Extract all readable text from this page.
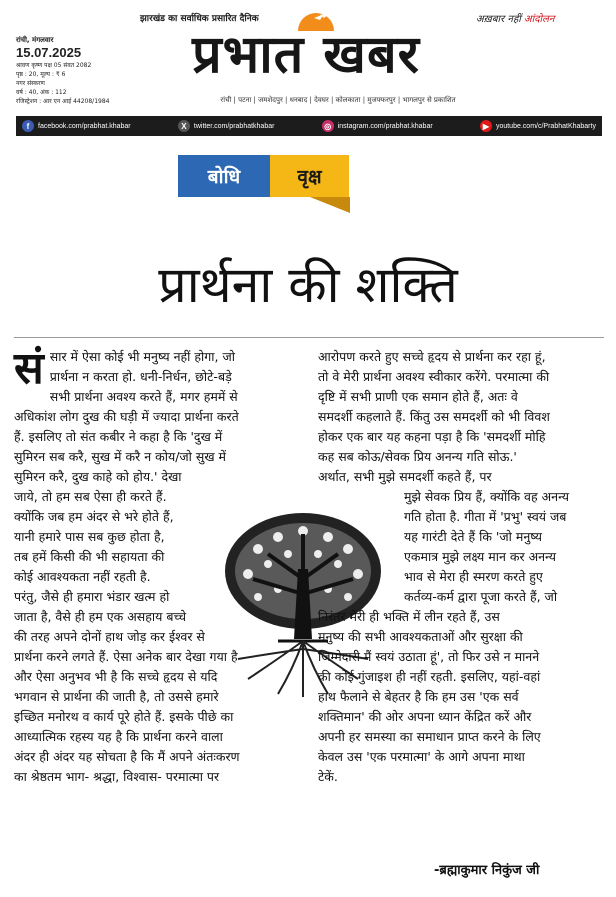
झारखंड का सर्वाधिक प्रसारित दैनिक	अख़बार नहीं आंदोलन
प्रभात खबर
रांची, मंगलवार
15.07.2025
श्रावण कृष्ण पक्ष 05 संवत 2082
पृष्ठ : 20, मूल्य : ₹ 6
नगर संस्करण
वर्ष : 40, अंक : 112
रजिस्ट्रेशन : आर एन आई 44208/1984	रांची | पटना | जमशेदपुर | धनबाद | देवघर | कोलकाता | मुजफ्फरपुर | भागलपुर से प्रकाशित
f	facebook.com/prabhat.khabar	X	twitter.com/prabhatkhabar	◎ instagram.com/prabhat.khabar	▶ youtube.com/c/PrabhatKhabarty
बोधि	वृक्ष
प्रार्थना की शक्ति
सं सार में ऐसा कोई भी मनुष्य नहीं होगा, जो

प्रार्थना न करता हो. धनी-निर्धन, छोटे-बड़े

सभी प्रार्थना अवश्य करते हैं, मगर हममें से

अधिकांश लोग दुख की घड़ी में ज्यादा प्रार्थना करते

हैं. इसलिए तो संत कबीर ने कहा है कि 'दुख में

सुमिरन सब करै, सुख में करै न कोय/जो सुख में

सुमिरन करै, दुख काहे को होय.' देखा

जाये, तो हम सब ऐसा ही करते हैं.

क्योंकि जब हम अंदर से भरे होते हैं,

यानी हमारे पास सब कुछ होता है,

तब हमें किसी की भी सहायता की

कोई आवश्यकता नहीं रहती है.

परंतु, जैसे ही हमारा भंडार खत्म हो

जाता है, वैसे ही हम एक असहाय बच्चे

की तरह अपने दोनों हाथ जोड़ कर ईश्वर से

प्रार्थना करने लगते हैं. ऐसा अनेक बार देखा गया है

और ऐसा अनुभव भी है कि सच्चे हृदय से यदि

भगवान से प्रार्थना की जाती है, तो उससे हमारे

इच्छित मनोरथ व कार्य पूरे होते हैं. इसके पीछे का

आध्यात्मिक रहस्य यह है कि प्रार्थना करने वाला

अंदर ही अंदर यह सोचता है कि मैं अपने अंतःकरण

का श्रेष्ठतम भाग- श्रद्धा, विश्वास- परमात्मा पर

आरोपण करते हुए सच्चे हृदय से प्रार्थना कर रहा हूं,

तो वे मेरी प्रार्थना अवश्य स्वीकार करेंगे. परमात्मा की

दृष्टि में सभी प्राणी एक समान होते हैं, अतः वे

समदर्शी कहलाते हैं. किंतु उस समदर्शी को भी विवश

होकर एक बार यह कहना पड़ा है कि 'समदर्शी मोहि

कह सब कोऊ/सेवक प्रिय अनन्य गति सोऊ.'

अर्थात, सभी मुझे समदर्शी कहते हैं, पर

मुझे सेवक प्रिय हैं, क्योंकि वह अनन्य

गति होता है. गीता में 'प्रभु' स्वयं जब

यह गारंटी देते हैं कि 'जो मनुष्य

एकमात्र मुझे लक्ष्य मान कर अनन्य

भाव से मेरा ही स्मरण करते हुए

कर्तव्य-कर्म द्वारा पूजा करते हैं, जो

निरंतर मेरी ही भक्ति में लीन रहते हैं, उस

मनुष्य की सभी आवश्यकताओं और सुरक्षा की

जिम्मेदारी मैं स्वयं उठाता हूं', तो फिर उसे न मानने

की कोई गुंजाइश ही नहीं रहती. इसलिए, यहां-वहां

हाथ फैलाने से बेहतर है कि हम उस 'एक सर्व

शक्तिमान' की ओर अपना ध्यान केंद्रित करें और

अपनी हर समस्या का समाधान प्राप्त करने के लिए

केवल उस 'एक परमात्मा' के आगे अपना माथा

टेकें.

-ब्रह्माकुमार निकुंज जी
